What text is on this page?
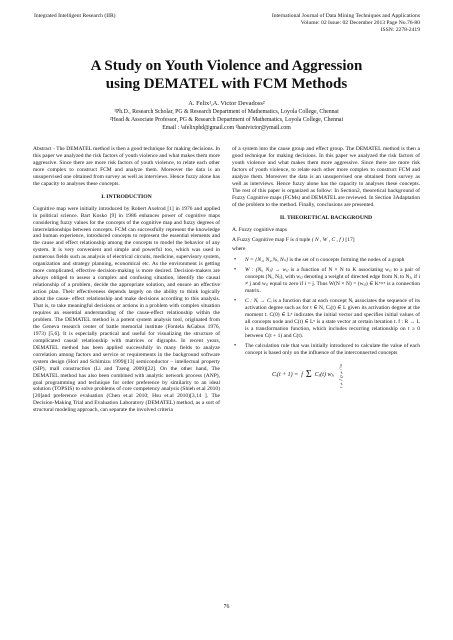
Integrated Intelligent Research (IIR)	International Journal of Data Mining Techniques and Applications
Volume: 02 Issue: 02 December 2013 Page No.76-80
ISSN: 2278-2419
A Study on Youth Violence and Aggression
using DEMATEL with FCM Methods
A. Felix¹,A. Victor Devadoss²
¹Ph.D., Research Scholar, PG & Research Department of Mathematics, Loyola College, Chennai
²Head & Associate Professor, PG & Research Department of Mathematics, Loyola College, Chennai
Email : ¹afelixphd@gmail.com ²hanivictor@ymail.com

Abstract - The DEMATEL method is then a good technique for making decisions. In this paper we analyzed the risk factors of youth violence and what makes them more aggressive. Since there are more risk factors of youth violence, to relate each other more complex to construct FCM and analyze them. Moreover the data is an unsupervised one obtained from survey as well as interviews. Hence fuzzy alone has the capacity to analyses these concepts.

I. INTRODUCTION

Cognitive map were initially introduced by Robert Axelrod [1] in 1976 and applied in political science. Bart Kosko [9] in 1986 enhances power of cognitive maps considering fuzzy values for the concepts of the cognitive map and fuzzy degrees of interrelationships between concepts. FCM can successfully represent the knowledge and human experience, introduced concepts to represent the essential elements and the cause and effect relationship among the concepts to model the behavior of any system. It is very convenient and simple and powerful too, which was used in numerous fields such as analysis of electrical circuits, medicine, supervisory system, organization and strategy planning, economical etc. As the environment is getting more complicated, effective decision-making is more desired. Decision-makers are always obliged to assess a complex and confusing situation, identify the causal relationship of a problem, decide the appropriate solution, and ensure an effective action plan. Their effectiveness depends largely on the ability to think logically about the cause- effect relationship and make decisions according to this analysis. That is, to take meaningful decisions or actions in a problem with complex situation requires an essential understanding of the cause-effect relationship within the problem. The DEMATEL method is a potent system analysis tool, originated from the Geneva research center of battle memorial institute (Fontela &Gabus 1976, 1973) [5,6]. It is especially practical and useful for visualizing the structure of complicated causal relationship with matrices or digraphs. In recent years, DEMATEL method has been applied successfully in many fields to analyze correlation among factors and service or requirements in the background software system design (Hori and Schimizu 1999)[13] semiconductor – intellectual property (SIP), mall construction (Li and Tzeng 2009)[22]. On the other hand, The DEMATEL method has also been combined with analytic network process (ANP), goal programming and technique for order preference by similarity to an ideal solution (TOPSIS) to solve problems of core competency analysis (Shieh et.al 2010) [20]and preference evaluation (Chen et.al 2010; Hsu et.al 2010)[3,14 ]. The Decision-Making Trial and Evaluation Laboratory (DEMATEL) method, as a sort of structural modeling approach, can separate the involved criteria

of a system into the cause group and effect group. The DEMATEL method is then a good technique for making decisions. In this paper we analyzed the risk factors of youth violence and what makes them more aggressive. Since there are more risk factors of youth violence, to relate each other more complex to construct FCM and analyze them. Moreover the data is an unsupervised one obtained from survey as well as interviews. Hence fuzzy alone has the capacity to analyses these concepts. The rest of this paper is organized as follow: In Section2, theoretical background of Fuzzy Cognitive maps (FCMs) and DEMATEL are reviewed. In Section 3Adaptation of the problem to the method. Finally, conclusions are presented.

II. THEORETICAL BACKGROUND
A. Fuzzy cognitive maps

A Fuzzy Cognitive map F is 4 tuple ( N , W , C , f ) [17]

where

• N = {N₁, N₂,%, Nₙ} is the set of n concepts forming the nodes of a graph
• W : (Nᵢ, Nⱼ) → wᵢⱼ is a function of N × N to K associating wᵢⱼ to a pair of concepts (Nᵢ, Nⱼ), with wᵢⱼ denoting a weight of directed edge from Nᵢ to Nⱼ, if i ≠ j and wᵢⱼ equal to zero if i = j. Thus W(N × N) = (wᵢⱼ) ∈ Kⁿ×ⁿ is a connection matrix.
• C : Nᵢ → Cᵢ is a function that at each concept Nᵢ associates the sequence of its activation degree such as for t ∈ N, Cᵢ(t) ∈ L given its activation degree at the moment t. C(0) ∈ Lⁿ indicates the initial vector and specifies initial values of all concepts node and C(t) ∈ Lⁿ is a state vector at certain iteration t. f : R → L is a transformation function, which includes recurring relationship on t ≥ 0 between C(t + 1) and C(t).
• The calculation rule that was initially introduced to calculate the value of each concept is based only on the influence of the interconnected concepts
Cᵢ(t + 1) = f Σ Cⱼ(t) wⱼᵢ	wᵢⱼ ≠ 0 j ≠ i
76
